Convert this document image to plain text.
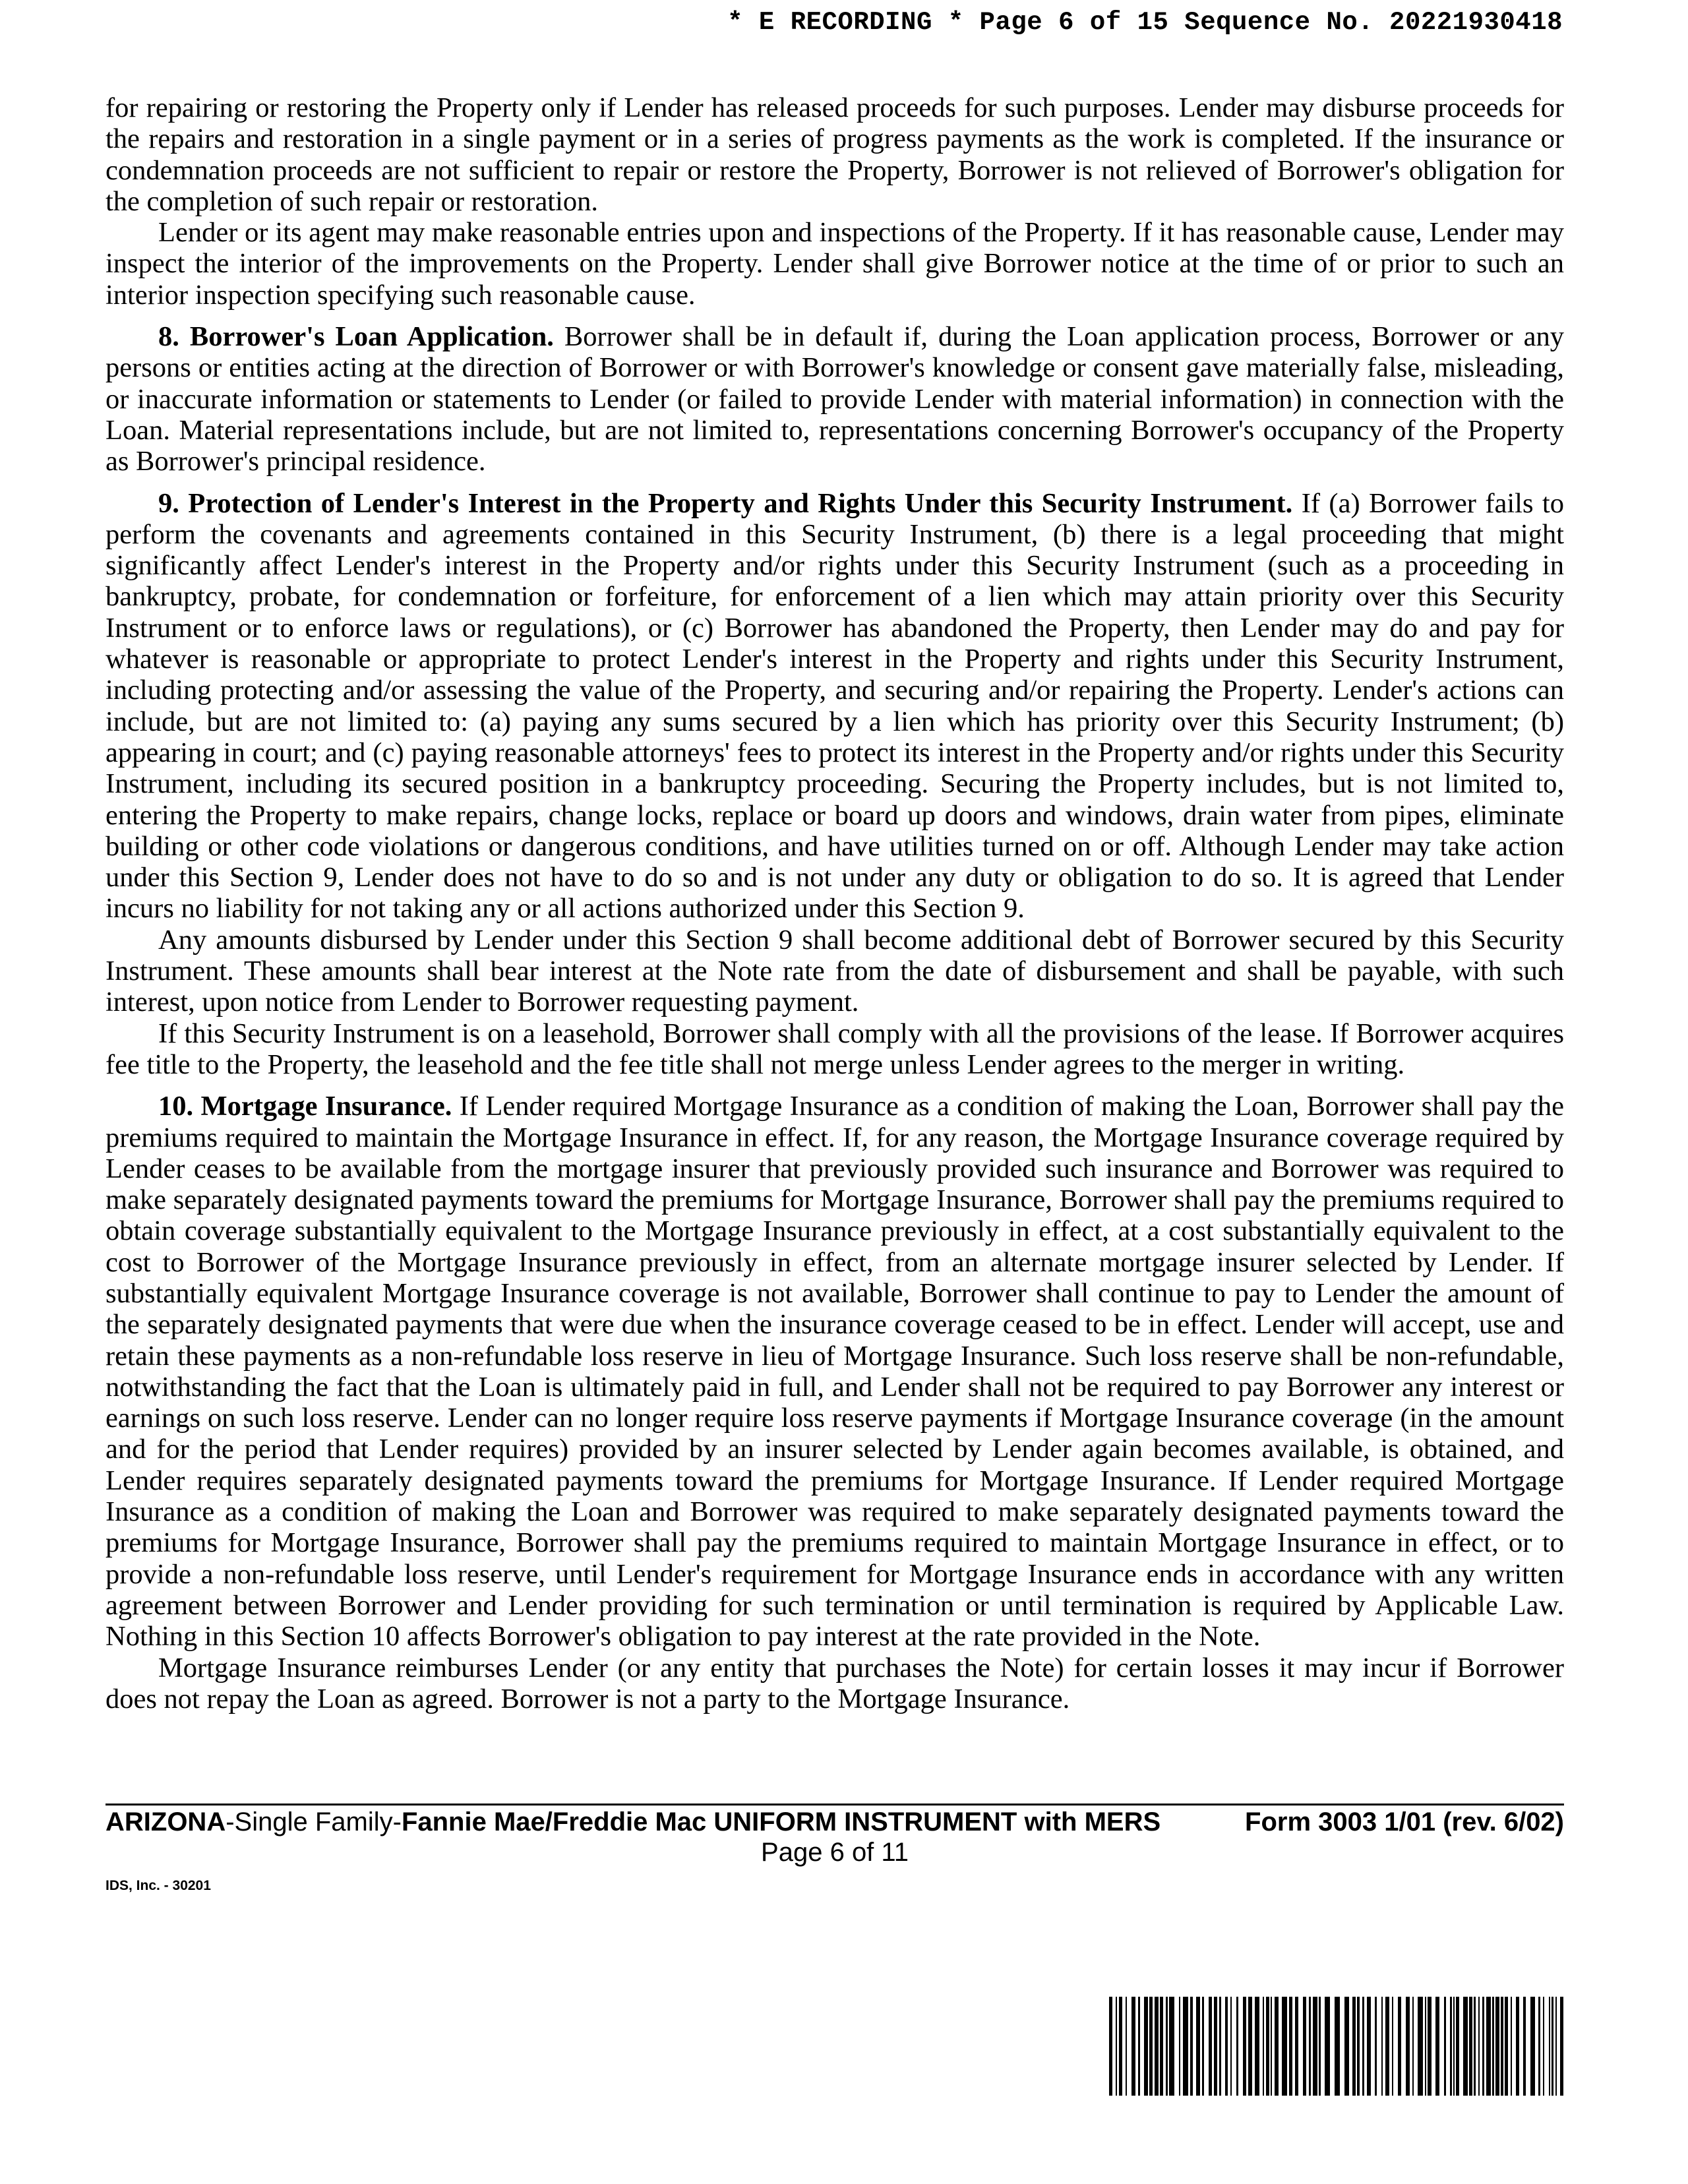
* E RECORDING * Page 6 of 15 Sequence No. 20221930418

for repairing or restoring the Property only if Lender has released proceeds for such purposes. Lender may disburse proceeds for the repairs and restoration in a single payment or in a series of progress payments as the work is completed. If the insurance or condemnation proceeds are not sufficient to repair or restore the Property, Borrower is not relieved of Borrower's obligation for the completion of such repair or restoration.

Lender or its agent may make reasonable entries upon and inspections of the Property. If it has reasonable cause, Lender may inspect the interior of the improvements on the Property. Lender shall give Borrower notice at the time of or prior to such an interior inspection specifying such reasonable cause.

8. Borrower's Loan Application. Borrower shall be in default if, during the Loan application process, Borrower or any persons or entities acting at the direction of Borrower or with Borrower's knowledge or consent gave materially false, misleading, or inaccurate information or statements to Lender (or failed to provide Lender with material information) in connection with the Loan. Material representations include, but are not limited to, representations concerning Borrower's occupancy of the Property as Borrower's principal residence.

9. Protection of Lender's Interest in the Property and Rights Under this Security Instrument. If (a) Borrower fails to perform the covenants and agreements contained in this Security Instrument, (b) there is a legal proceeding that might significantly affect Lender's interest in the Property and/or rights under this Security Instrument (such as a proceeding in bankruptcy, probate, for condemnation or forfeiture, for enforcement of a lien which may attain priority over this Security Instrument or to enforce laws or regulations), or (c) Borrower has abandoned the Property, then Lender may do and pay for whatever is reasonable or appropriate to protect Lender's interest in the Property and rights under this Security Instrument, including protecting and/or assessing the value of the Property, and securing and/or repairing the Property. Lender's actions can include, but are not limited to: (a) paying any sums secured by a lien which has priority over this Security Instrument; (b) appearing in court; and (c) paying reasonable attorneys' fees to protect its interest in the Property and/or rights under this Security Instrument, including its secured position in a bankruptcy proceeding. Securing the Property includes, but is not limited to, entering the Property to make repairs, change locks, replace or board up doors and windows, drain water from pipes, eliminate building or other code violations or dangerous conditions, and have utilities turned on or off. Although Lender may take action under this Section 9, Lender does not have to do so and is not under any duty or obligation to do so. It is agreed that Lender incurs no liability for not taking any or all actions authorized under this Section 9.

Any amounts disbursed by Lender under this Section 9 shall become additional debt of Borrower secured by this Security Instrument. These amounts shall bear interest at the Note rate from the date of disbursement and shall be payable, with such interest, upon notice from Lender to Borrower requesting payment.

If this Security Instrument is on a leasehold, Borrower shall comply with all the provisions of the lease. If Borrower acquires fee title to the Property, the leasehold and the fee title shall not merge unless Lender agrees to the merger in writing.

10. Mortgage Insurance. If Lender required Mortgage Insurance as a condition of making the Loan, Borrower shall pay the premiums required to maintain the Mortgage Insurance in effect. If, for any reason, the Mortgage Insurance coverage required by Lender ceases to be available from the mortgage insurer that previously provided such insurance and Borrower was required to make separately designated payments toward the premiums for Mortgage Insurance, Borrower shall pay the premiums required to obtain coverage substantially equivalent to the Mortgage Insurance previously in effect, at a cost substantially equivalent to the cost to Borrower of the Mortgage Insurance previously in effect, from an alternate mortgage insurer selected by Lender. If substantially equivalent Mortgage Insurance coverage is not available, Borrower shall continue to pay to Lender the amount of the separately designated payments that were due when the insurance coverage ceased to be in effect. Lender will accept, use and retain these payments as a non-refundable loss reserve in lieu of Mortgage Insurance. Such loss reserve shall be non-refundable, notwithstanding the fact that the Loan is ultimately paid in full, and Lender shall not be required to pay Borrower any interest or earnings on such loss reserve. Lender can no longer require loss reserve payments if Mortgage Insurance coverage (in the amount and for the period that Lender requires) provided by an insurer selected by Lender again becomes available, is obtained, and Lender requires separately designated payments toward the premiums for Mortgage Insurance. If Lender required Mortgage Insurance as a condition of making the Loan and Borrower was required to make separately designated payments toward the premiums for Mortgage Insurance, Borrower shall pay the premiums required to maintain Mortgage Insurance in effect, or to provide a non-refundable loss reserve, until Lender's requirement for Mortgage Insurance ends in accordance with any written agreement between Borrower and Lender providing for such termination or until termination is required by Applicable Law. Nothing in this Section 10 affects Borrower's obligation to pay interest at the rate provided in the Note.

Mortgage Insurance reimburses Lender (or any entity that purchases the Note) for certain losses it may incur if Borrower does not repay the Loan as agreed. Borrower is not a party to the Mortgage Insurance.

ARIZONA-Single Family-Fannie Mae/Freddie Mac UNIFORM INSTRUMENT with MERS	Form 3003 1/01 (rev. 6/02)
Page 6 of 11
IDS, Inc. - 30201
